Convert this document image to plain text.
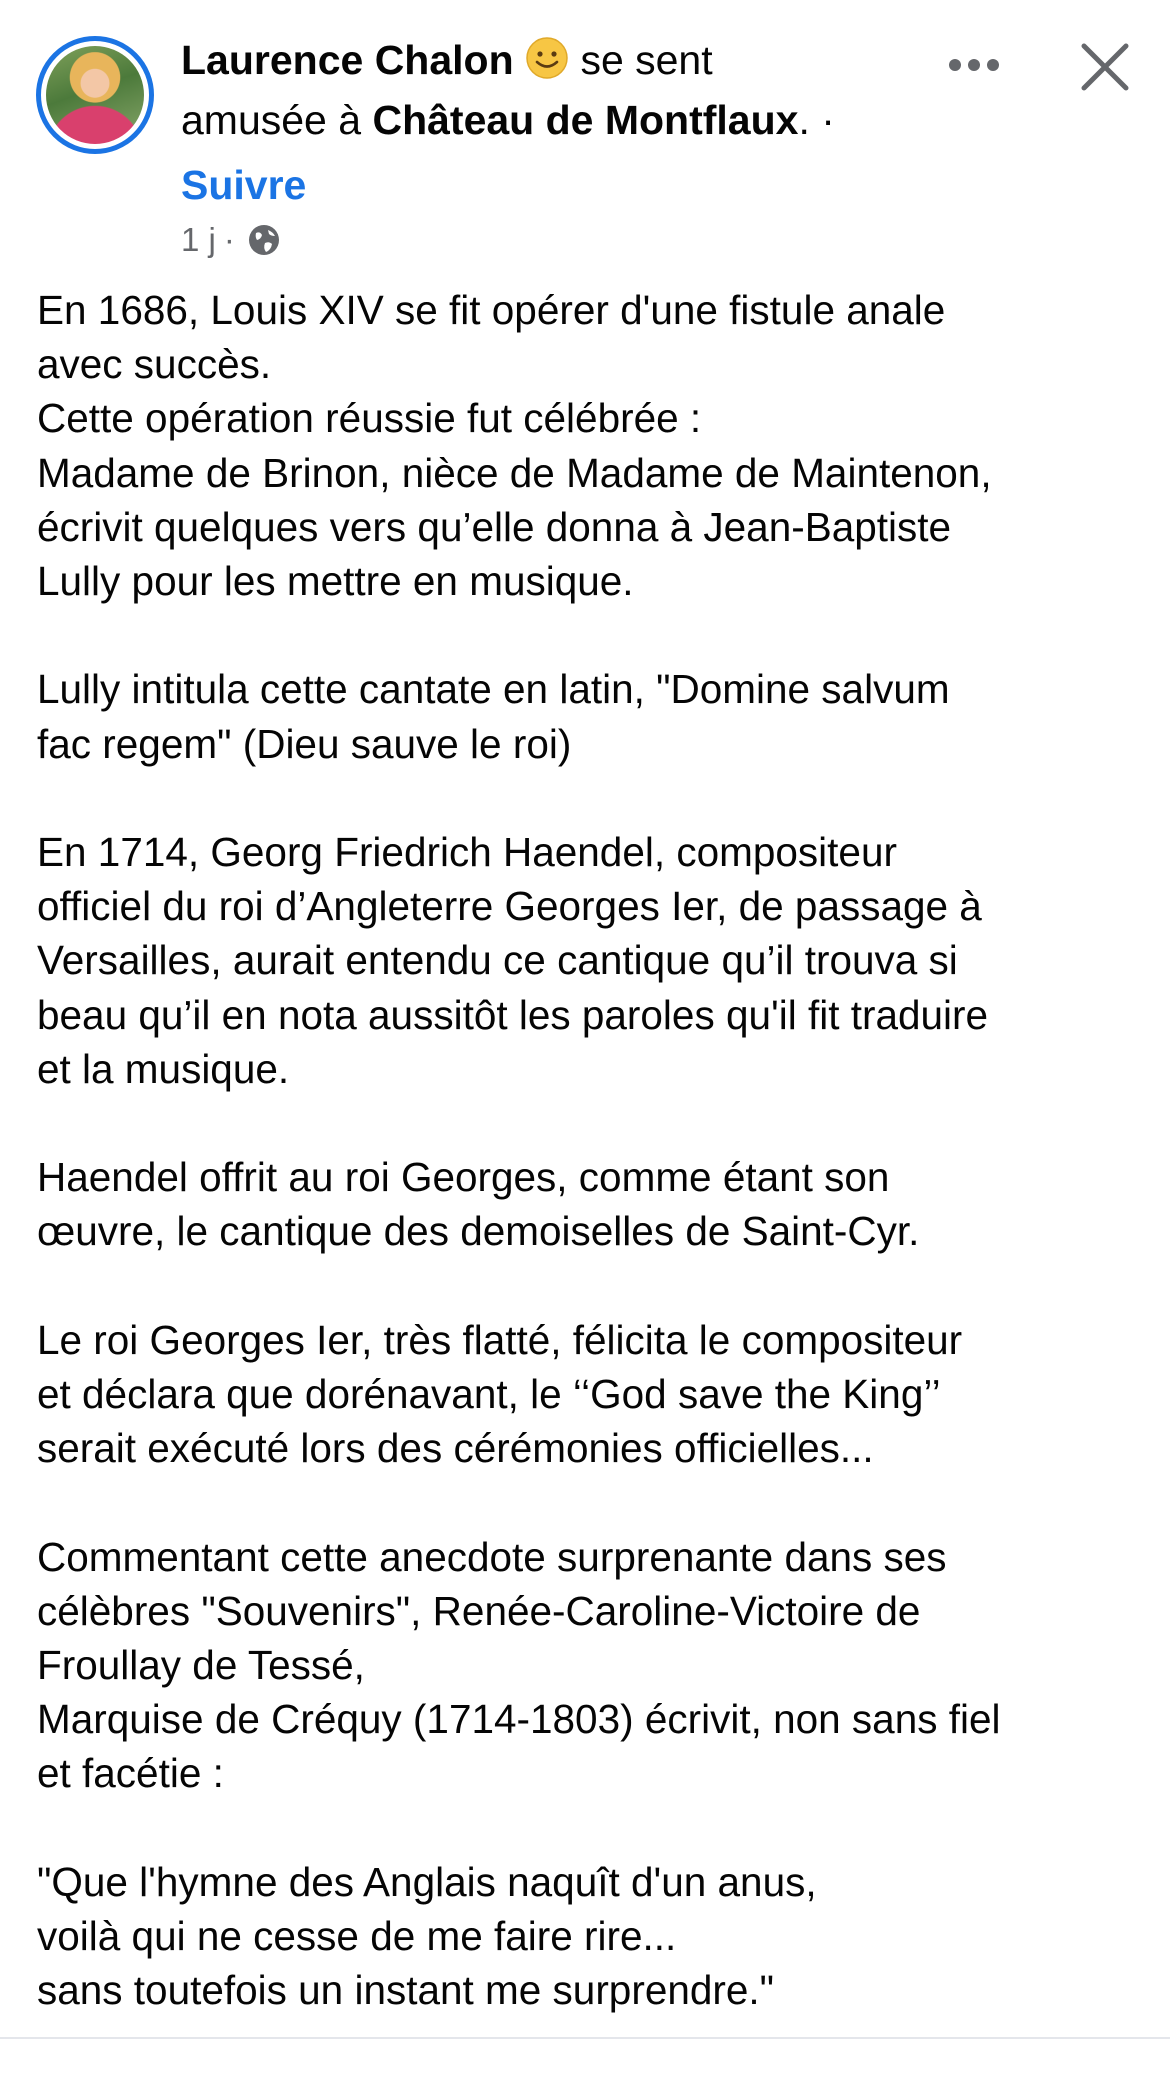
Laurence Chalon se sent
amusée à Château de Montflaux. ·
Suivre
1 j ·
En 1686, Louis XIV se fit opérer d'une fistule anale
avec succès.
Cette opération réussie fut célébrée :
Madame de Brinon, nièce de Madame de Maintenon,
écrivit quelques vers qu’elle donna à Jean-Baptiste
Lully pour les mettre en musique.
Lully intitula cette cantate en latin, "Domine salvum
fac regem" (Dieu sauve le roi)
En 1714, Georg Friedrich Haendel, compositeur
officiel du roi d’Angleterre Georges Ier, de passage à
Versailles, aurait entendu ce cantique qu’il trouva si
beau qu’il en nota aussitôt les paroles qu'il fit traduire
et la musique.
Haendel offrit au roi Georges, comme étant son
œuvre, le cantique des demoiselles de Saint-Cyr.
Le roi Georges Ier, très flatté, félicita le compositeur
et déclara que dorénavant, le ‘‘God save the King’’
serait exécuté lors des cérémonies officielles...
Commentant cette anecdote surprenante dans ses
célèbres "Souvenirs", Renée-Caroline-Victoire de
Froullay de Tessé,
Marquise de Créquy (1714-1803) écrivit, non sans fiel
et facétie :
"Que l'hymne des Anglais naquît d'un anus,
voilà qui ne cesse de me faire rire...
sans toutefois un instant me surprendre."
